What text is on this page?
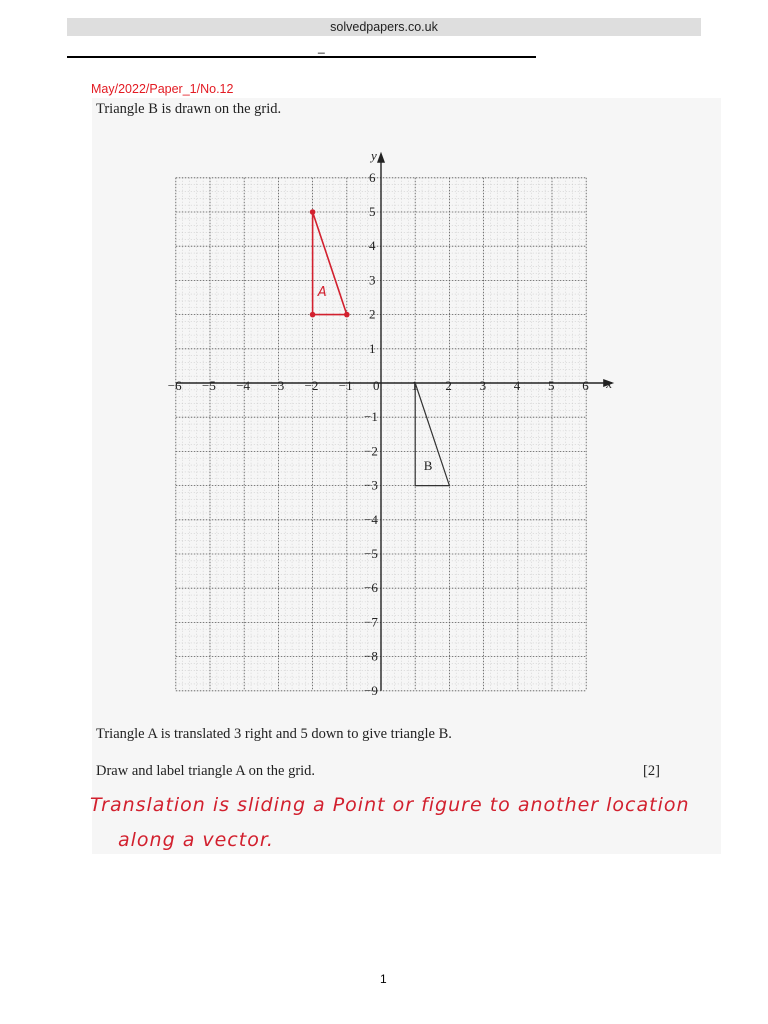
solvedpapers.co.uk
_
May/2022/Paper_1/No.12
Triangle B is drawn on the grid.
x
y
−6 −5 −4 −3 −2 −1 0 1 2 3 4 5 6
6
5
4
3
2
1
−1
−2
−3
−4
−5
−6
−7
−8
−9
B
A
Triangle A is translated 3 right and 5 down to give triangle B.
Draw and label triangle A on the grid.	[2]
Translation is sliding a Point or figure to another location
along a vector.
1
